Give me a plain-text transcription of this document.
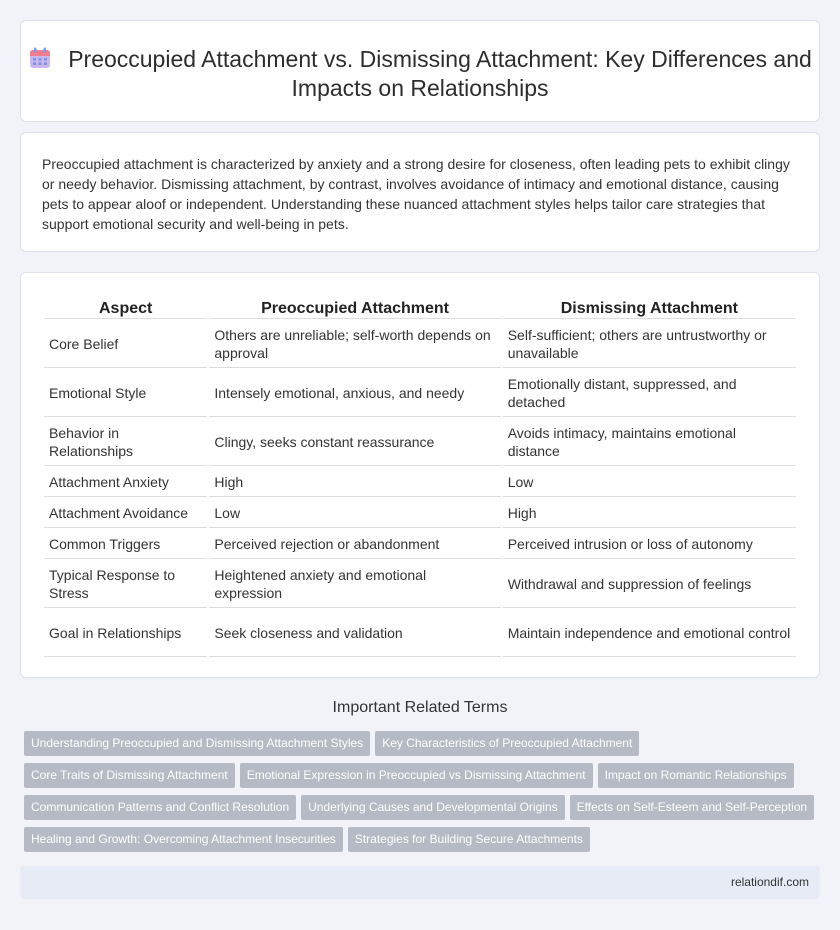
Preoccupied Attachment vs. Dismissing Attachment: Key Differences and Impacts on Relationships

Preoccupied attachment is characterized by anxiety and a strong desire for closeness, often leading pets to exhibit clingy or needy behavior. Dismissing attachment, by contrast, involves avoidance of intimacy and emotional distance, causing pets to appear aloof or independent. Understanding these nuanced attachment styles helps tailor care strategies that support emotional security and well-being in pets.

Aspect	Preoccupied Attachment	Dismissing Attachment
Core Belief	Others are unreliable; self-worth depends on approval	Self-sufficient; others are untrustworthy or unavailable
Emotional Style	Intensely emotional, anxious, and needy	Emotionally distant, suppressed, and detached
Behavior in Relationships	Clingy, seeks constant reassurance	Avoids intimacy, maintains emotional distance
Attachment Anxiety	High	Low
Attachment Avoidance	Low	High
Common Triggers	Perceived rejection or abandonment	Perceived intrusion or loss of autonomy
Typical Response to Stress	Heightened anxiety and emotional expression	Withdrawal and suppression of feelings
Goal in Relationships	Seek closeness and validation	Maintain independence and emotional control
Important Related Terms
Understanding Preoccupied and Dismissing Attachment Styles Key Characteristics of Preoccupied Attachment
Core Traits of Dismissing Attachment Emotional Expression in Preoccupied vs Dismissing Attachment Impact on Romantic Relationships
Communication Patterns and Conflict Resolution Underlying Causes and Developmental Origins Effects on Self-Esteem and Self-Perception
Healing and Growth: Overcoming Attachment Insecurities Strategies for Building Secure Attachments
relationdif.com
